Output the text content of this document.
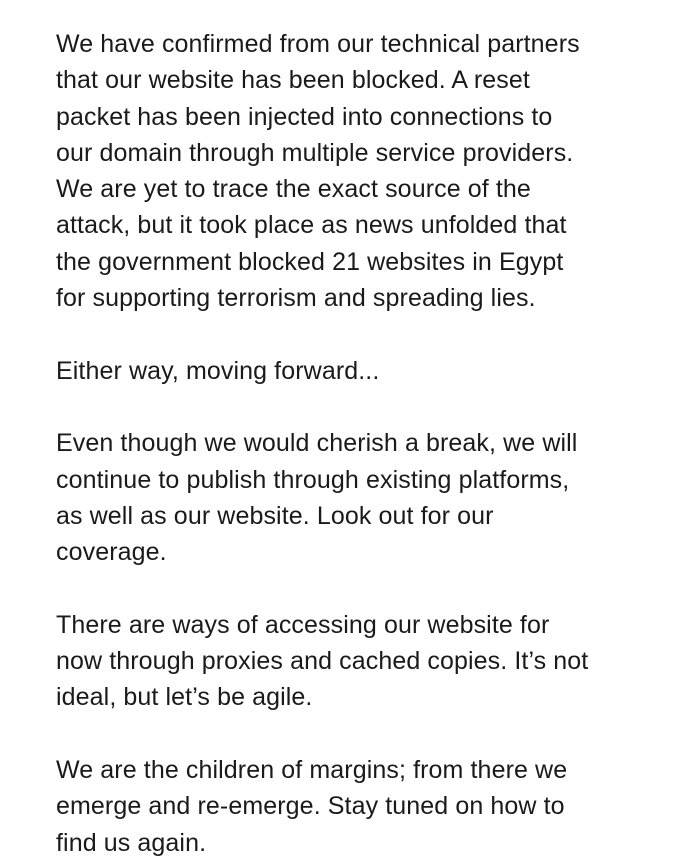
We have confirmed from our technical partners
that our website has been blocked. A reset
packet has been injected into connections to
our domain through multiple service providers.
We are yet to trace the exact source of the
attack, but it took place as news unfolded that
the government blocked 21 websites in Egypt
for supporting terrorism and spreading lies.

Either way, moving forward...

Even though we would cherish a break, we will
continue to publish through existing platforms,
as well as our website. Look out for our
coverage.

There are ways of accessing our website for
now through proxies and cached copies. It’s not
ideal, but let’s be agile.

We are the children of margins; from there we
emerge and re-emerge. Stay tuned on how to
find us again.
